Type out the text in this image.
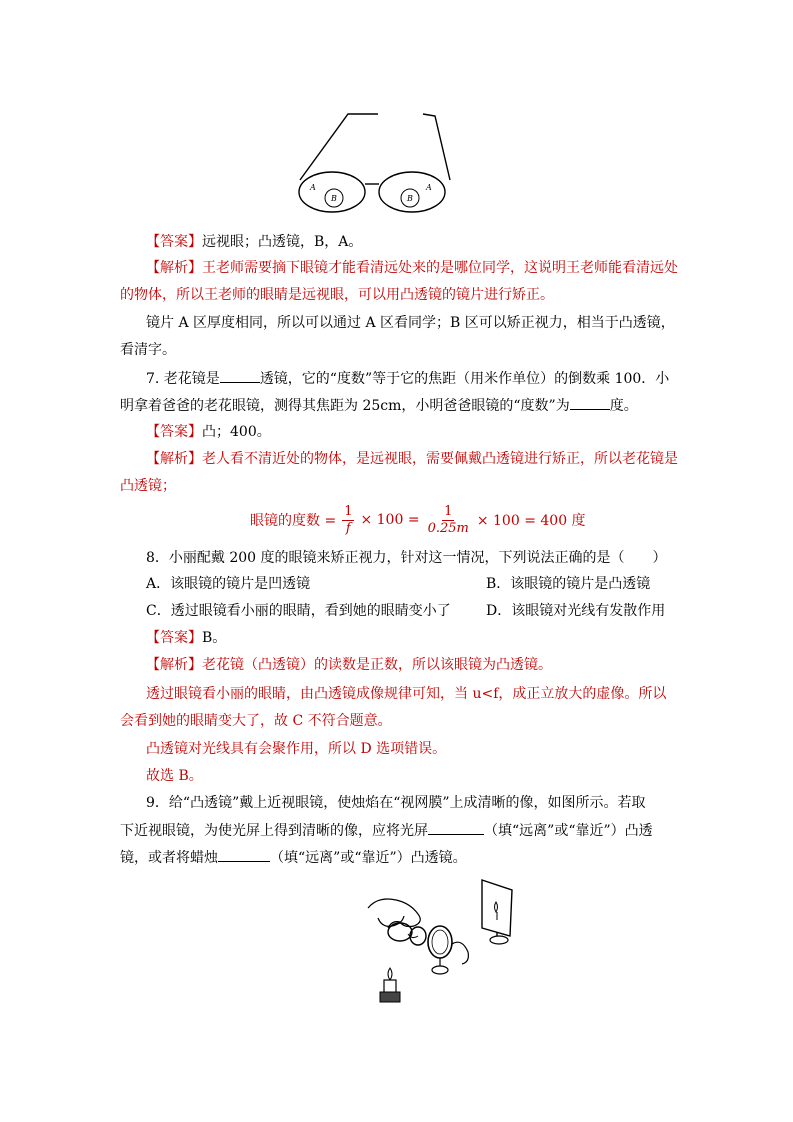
A
B
A
B
【答案】远视眼；凸透镜，B，A。
【解析】王老师需要摘下眼镜才能看清远处来的是哪位同学，这说明王老师能看清远处
的物体，所以王老师的眼睛是远视眼，可以用凸透镜的镜片进行矫正。
镜片 A 区厚度相同，所以可以通过 A 区看同学；B 区可以矫正视力，相当于凸透镜，
看清字。
7. 老花镜是	透镜，它的“度数”等于它的焦距（用米作单位）的倒数乘 100．小
明拿着爸爸的老花眼镜，测得其焦距为 25cm，小明爸爸眼镜的“度数”为	度。
【答案】凸；400。
【解析】老人看不清近处的物体，是远视眼，需要佩戴凸透镜进行矫正，所以老花镜是
凸透镜；
眼镜的度数 = $\frac{1}{f} \times 100 = \frac{1}{0.25m} \times 100 = 400$ 度
8．小丽配戴 200 度的眼镜来矫正视力，针对这一情况，下列说法正确的是（　　）
A．该眼镜的镜片是凹透镜	B．该眼镜的镜片是凸透镜
C．透过眼镜看小丽的眼睛，看到她的眼睛变小了	D．该眼镜对光线有发散作用
【答案】B。
【解析】老花镜（凸透镜）的读数是正数，所以该眼镜为凸透镜。
透过眼镜看小丽的眼睛，由凸透镜成像规律可知，当 u<f，成正立放大的虚像。所以
会看到她的眼睛变大了，故 C 不符合题意。
凸透镜对光线具有会聚作用，所以 D 选项错误。
故选 B。
9．给“凸透镜”戴上近视眼镜，使烛焰在“视网膜”上成清晰的像，如图所示。若取
下近视眼镜，为使光屏上得到清晰的像，应将光屏	（填“远离”或“靠近”）凸透
镜，或者将蜡烛	（填“远离”或“靠近”）凸透镜。
